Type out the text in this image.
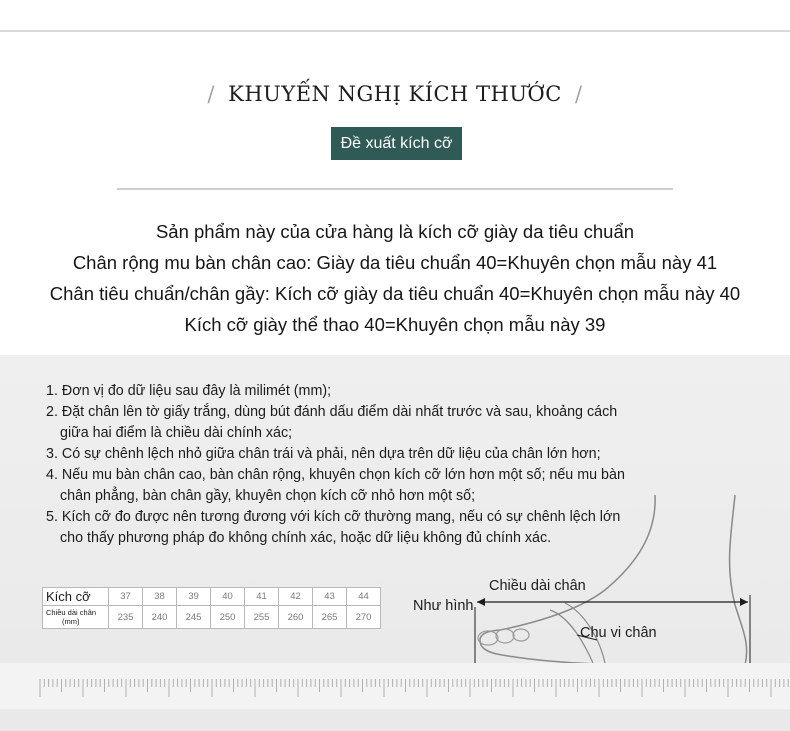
/ KHUYẾN NGHỊ KÍCH THƯỚC /
Đề xuất kích cỡ
Sản phẩm này của cửa hàng là kích cỡ giày da tiêu chuẩn
Chân rộng mu bàn chân cao: Giày da tiêu chuẩn 40=Khuyên chọn mẫu này 41
Chân tiêu chuẩn/chân gầy: Kích cỡ giày da tiêu chuẩn 40=Khuyên chọn mẫu này 40
Kích cỡ giày thể thao 40=Khuyên chọn mẫu này 39
1. Đơn vị đo dữ liệu sau đây là milimét (mm);
2. Đặt chân lên tờ giấy trắng, dùng bút đánh dấu điểm dài nhất trước và sau, khoảng cách
giữa hai điểm là chiều dài chính xác;
3. Có sự chênh lệch nhỏ giữa chân trái và phải, nên dựa trên dữ liệu của chân lớn hơn;
4. Nếu mu bàn chân cao, bàn chân rộng, khuyên chọn kích cỡ lớn hơn một số; nếu mu bàn
chân phẳng, bàn chân gầy, khuyên chọn kích cỡ nhỏ hơn một số;
5. Kích cỡ đo được nên tương đương với kích cỡ thường mang, nếu có sự chênh lệch lớn
cho thấy phương pháp đo không chính xác, hoặc dữ liệu không đủ chính xác.
Kích cỡ	37	38	39	40	41	42	43	44

Chiều dài chân
(mm)	235	240	245	250	255	260	265	270
Như hình
Chiều dài chân
Chu vi chân
